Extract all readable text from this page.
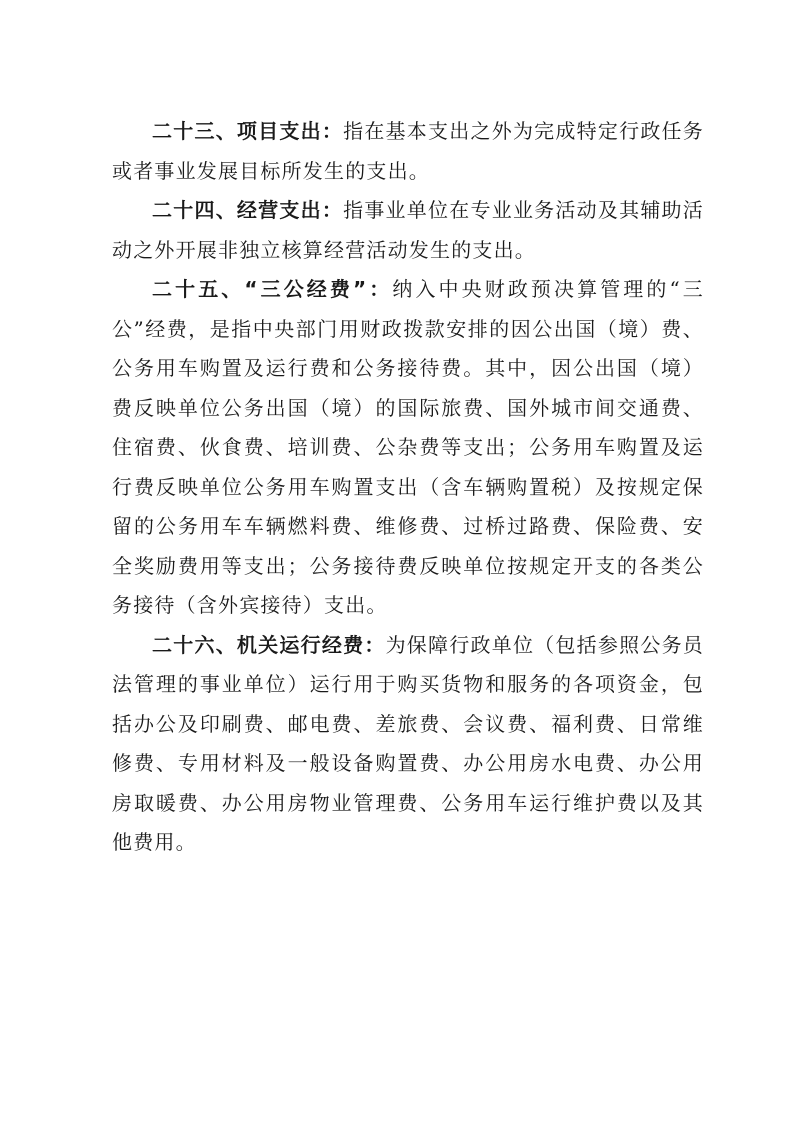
二十三、项目支出：指在基本支出之外为完成特定行政任务或者事业发展目标所发生的支出。

二十四、经营支出：指事业单位在专业业务活动及其辅助活动之外开展非独立核算经营活动发生的支出。

二十五、“三公经费”：纳入中央财政预决算管理的“三公”经费，是指中央部门用财政拨款安排的因公出国（境）费、公务用车购置及运行费和公务接待费。其中，因公出国（境）费反映单位公务出国（境）的国际旅费、国外城市间交通费、住宿费、伙食费、培训费、公杂费等支出；公务用车购置及运行费反映单位公务用车购置支出（含车辆购置税）及按规定保留的公务用车车辆燃料费、维修费、过桥过路费、保险费、安全奖励费用等支出；公务接待费反映单位按规定开支的各类公务接待（含外宾接待）支出。

二十六、机关运行经费：为保障行政单位（包括参照公务员法管理的事业单位）运行用于购买货物和服务的各项资金，包括办公及印刷费、邮电费、差旅费、会议费、福利费、日常维修费、专用材料及一般设备购置费、办公用房水电费、办公用房取暖费、办公用房物业管理费、公务用车运行维护费以及其他费用。
